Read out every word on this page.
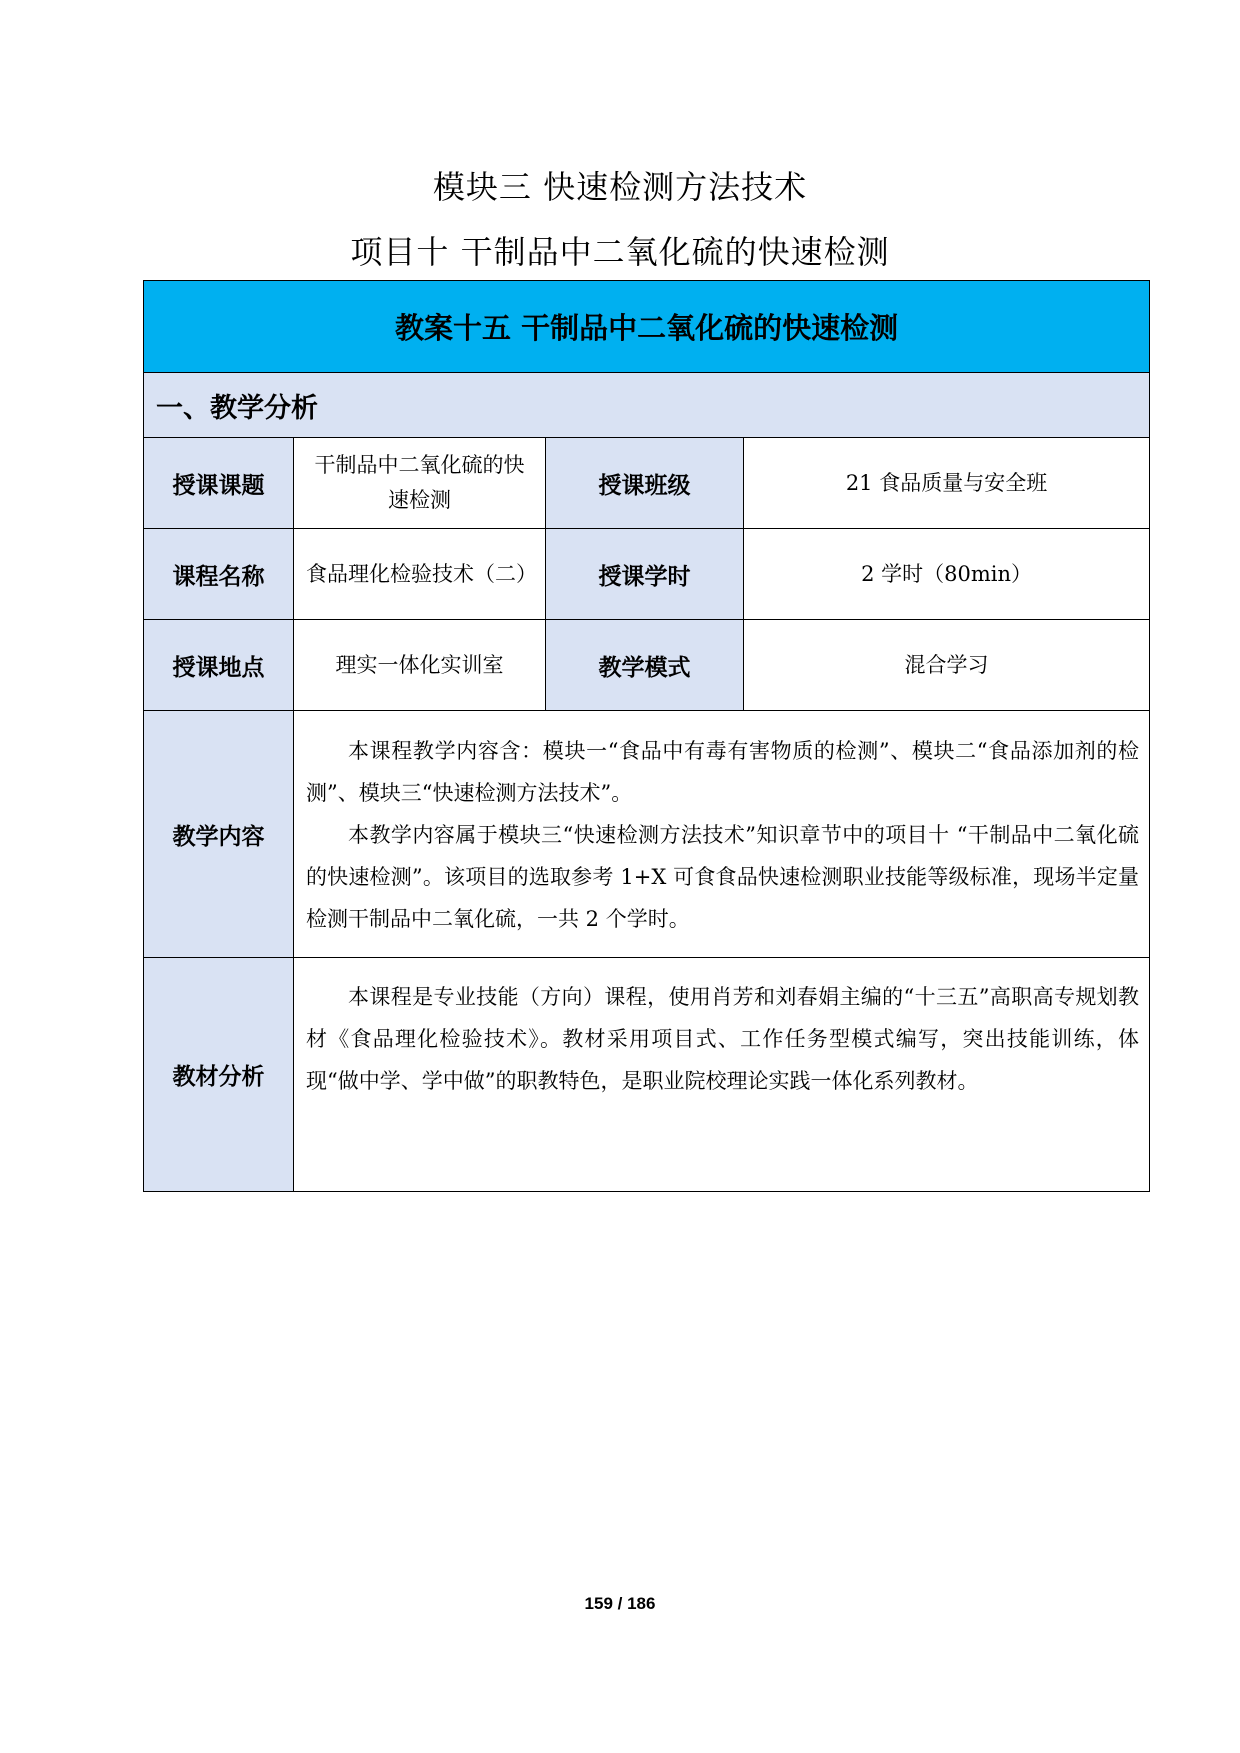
模块三 快速检测方法技术
项目十 干制品中二氧化硫的快速检测
教案十五 干制品中二氧化硫的快速检测			
一、教学分析			
授课课题	干制品中二氧化硫的快速检测	授课班级	21 食品质量与安全班
课程名称	食品理化检验技术（二）	授课学时	2 学时（80min）
授课地点	理实一体化实训室	教学模式	混合学习
教学内容	本课程教学内容含：模块一“食品中有毒有害物质的检测”、模块二“食品添加剂的检测”、模块三“快速检测方法技术”。

本教学内容属于模块三“快速检测方法技术”知识章节中的项目十 “干制品中二氧化硫的快速检测”。该项目的选取参考 1+X 可食食品快速检测职业技能等级标准，现场半定量检测干制品中二氧化硫，一共 2 个学时。		

教材分析	本课程是专业技能（方向）课程，使用肖芳和刘春娟主编的“十三五”高职高专规划教材《食品理化检验技术》。教材采用项目式、工作任务型模式编写，突出技能训练，体现“做中学、学中做”的职教特色，是职业院校理论实践一体化系列教材。		

159 / 186
